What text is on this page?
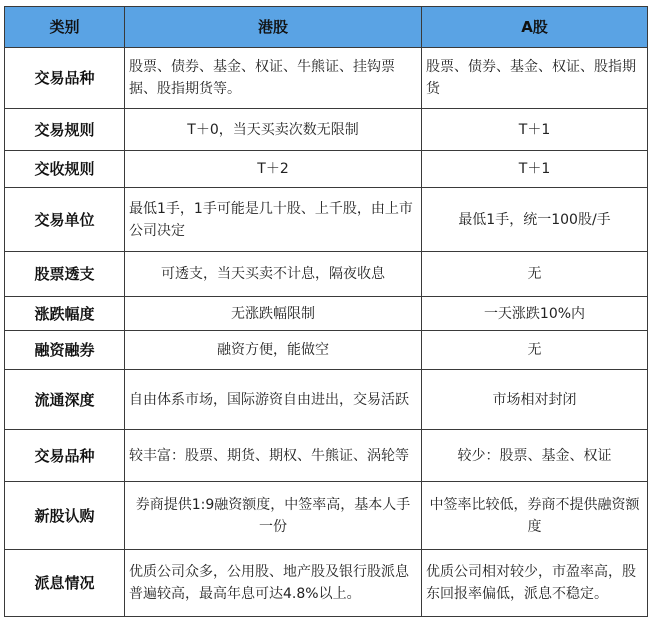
类别	港股	A股
交易品种	股票、债券、基金、权证、牛熊证、挂钩票据、股指期货等。	股票、债券、基金、权证、股指期货
交易规则	T＋0，当天买卖次数无限制	T＋1
交收规则	T＋2	T＋1
交易单位	最低1手，1手可能是几十股、上千股，由上市公司决定	最低1手，统一100股/手
股票透支	可透支，当天买卖不计息，隔夜收息	无
涨跌幅度	无涨跌幅限制	一天涨跌10%内
融资融券	融资方便，能做空	无
流通深度	自由体系市场，国际游资自由进出，交易活跃	市场相对封闭
交易品种	较丰富：股票、期货、期权、牛熊证、涡轮等	较少：股票、基金、权证
新股认购	券商提供1:9融资额度，中签率高，基本人手一份	中签率比较低，券商不提供融资额度
派息情况	优质公司众多，公用股、地产股及银行股派息普遍较高，最高年息可达4.8%以上。	优质公司相对较少，市盈率高，股东回报率偏低，派息不稳定。
